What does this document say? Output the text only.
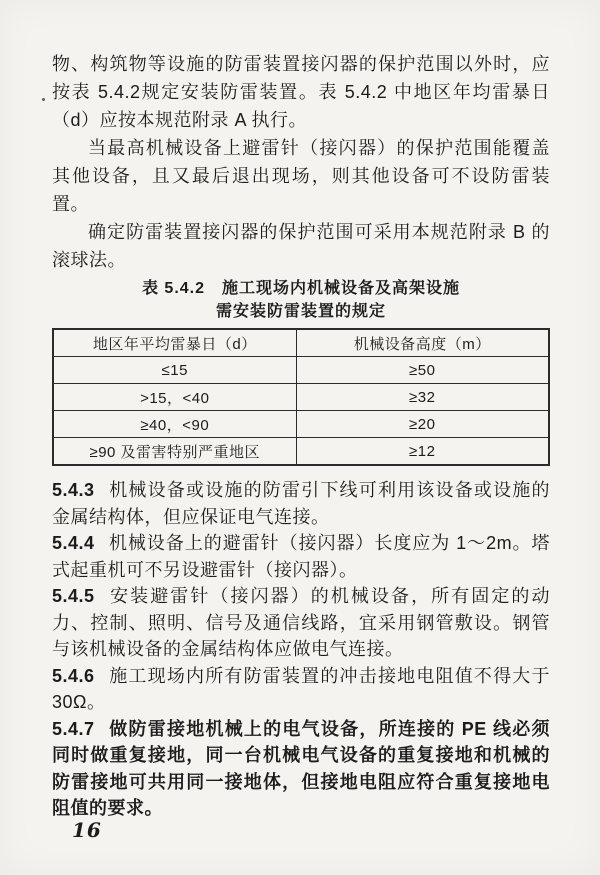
物、构筑物等设施的防雷装置接闪器的保护范围以外时，应按表 5.4.2规定安装防雷装置。表 5.4.2 中地区年均雷暴日（d）应按本规范附录 A 执行。

当最高机械设备上避雷针（接闪器）的保护范围能覆盖其他设备，且又最后退出现场，则其他设备可不设防雷装置。

确定防雷装置接闪器的保护范围可采用本规范附录 B 的滚球法。

表 5.4.2　施工现场内机械设备及高架设施
需安装防雷装置的规定
地区年平均雷暴日（d）	机械设备高度（m）
≤15	≥50
>15，<40	≥32
≥40，<90	≥20
≥90 及雷害特别严重地区	≥12

5.4.3 机械设备或设施的防雷引下线可利用该设备或设施的金属结构体，但应保证电气连接。

5.4.4 机械设备上的避雷针（接闪器）长度应为 1～2m。塔式起重机可不另设避雷针（接闪器）。

5.4.5 安装避雷针（接闪器）的机械设备，所有固定的动力、控制、照明、信号及通信线路，宜采用钢管敷设。钢管与该机械设备的金属结构体应做电气连接。

5.4.6 施工现场内所有防雷装置的冲击接地电阻值不得大于 30Ω。

5.4.7 做防雷接地机械上的电气设备，所连接的 PE 线必须同时做重复接地，同一台机械电气设备的重复接地和机械的防雷接地可共用同一接地体，但接地电阻应符合重复接地电阻值的要求。

16
